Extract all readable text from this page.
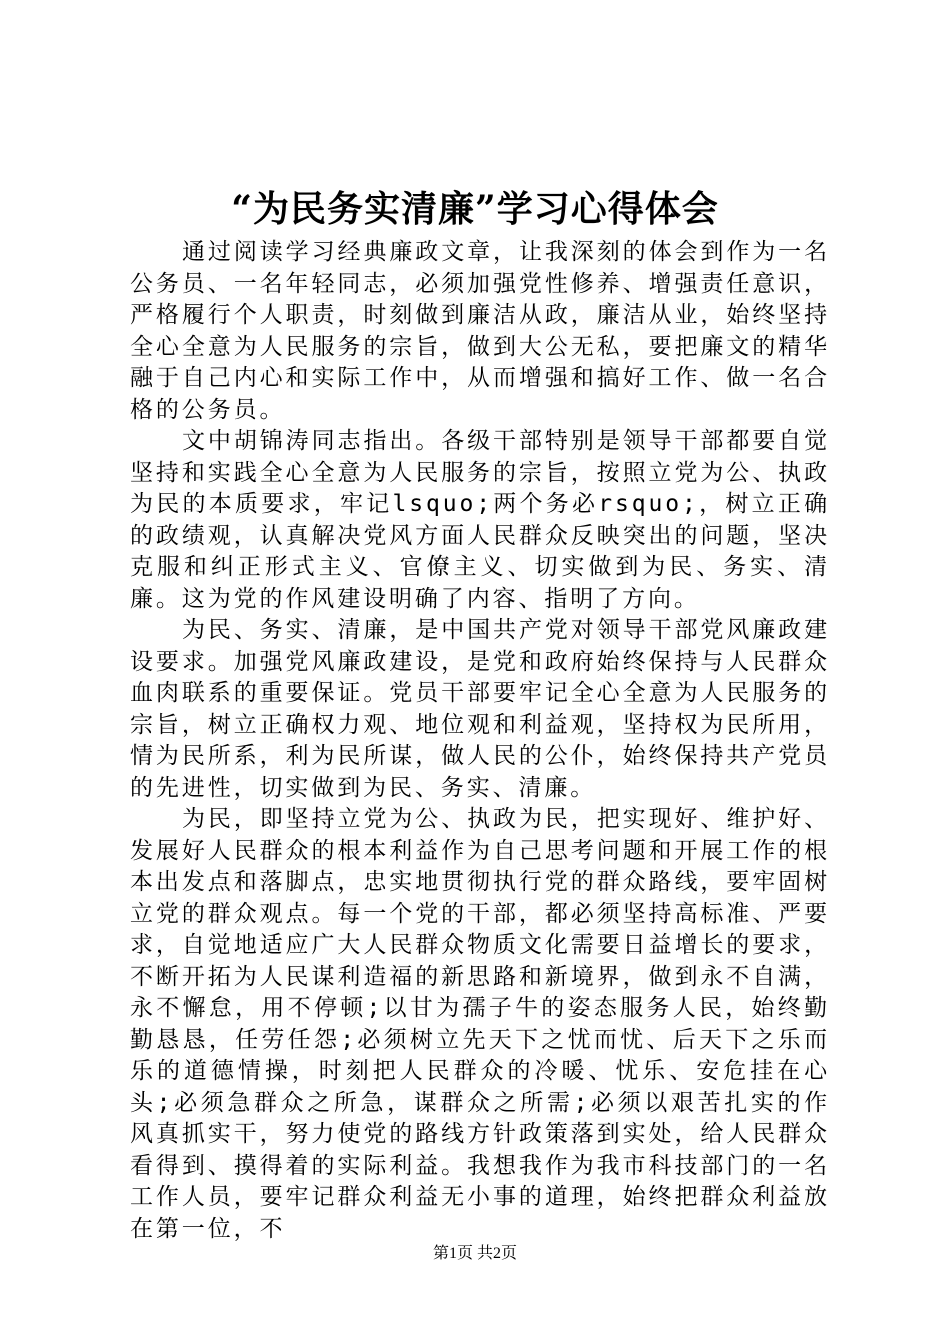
“为民务实清廉”学习心得体会

通过阅读学习经典廉政文章，让我深刻的体会到作为一名公务员、一名年轻同志，必须加强党性修养、增强责任意识，严格履行个人职责，时刻做到廉洁从政，廉洁从业，始终坚持全心全意为人民服务的宗旨，做到大公无私，要把廉文的精华融于自己内心和实际工作中，从而增强和搞好工作、做一名合格的公务员。

文中胡锦涛同志指出。各级干部特别是领导干部都要自觉坚持和实践全心全意为人民服务的宗旨，按照立党为公、执政为民的本质要求，牢记lsquo;两个务必rsquo;，树立正确的政绩观，认真解决党风方面人民群众反映突出的问题，坚决克服和纠正形式主义、官僚主义、切实做到为民、务实、清廉。这为党的作风建设明确了内容、指明了方向。

为民、务实、清廉，是中国共产党对领导干部党风廉政建设要求。加强党风廉政建设，是党和政府始终保持与人民群众血肉联系的重要保证。党员干部要牢记全心全意为人民服务的宗旨，树立正确权力观、地位观和利益观，坚持权为民所用，情为民所系，利为民所谋，做人民的公仆，始终保持共产党员的先进性，切实做到为民、务实、清廉。

为民，即坚持立党为公、执政为民，把实现好、维护好、发展好人民群众的根本利益作为自己思考问题和开展工作的根本出发点和落脚点，忠实地贯彻执行党的群众路线，要牢固树立党的群众观点。每一个党的干部，都必须坚持高标准、严要求，自觉地适应广大人民群众物质文化需要日益增长的要求，不断开拓为人民谋利造福的新思路和新境界，做到永不自满，永不懈怠，用不停顿;以甘为孺子牛的姿态服务人民，始终勤勤恳恳，任劳任怨;必须树立先天下之忧而忧、后天下之乐而乐的道德情操，时刻把人民群众的冷暖、忧乐、安危挂在心头;必须急群众之所急，谋群众之所需;必须以艰苦扎实的作风真抓实干，努力使党的路线方针政策落到实处，给人民群众看得到、摸得着的实际利益。我想我作为我市科技部门的一名工作人员，要牢记群众利益无小事的道理，始终把群众利益放在第一位，不

第1页 共2页
